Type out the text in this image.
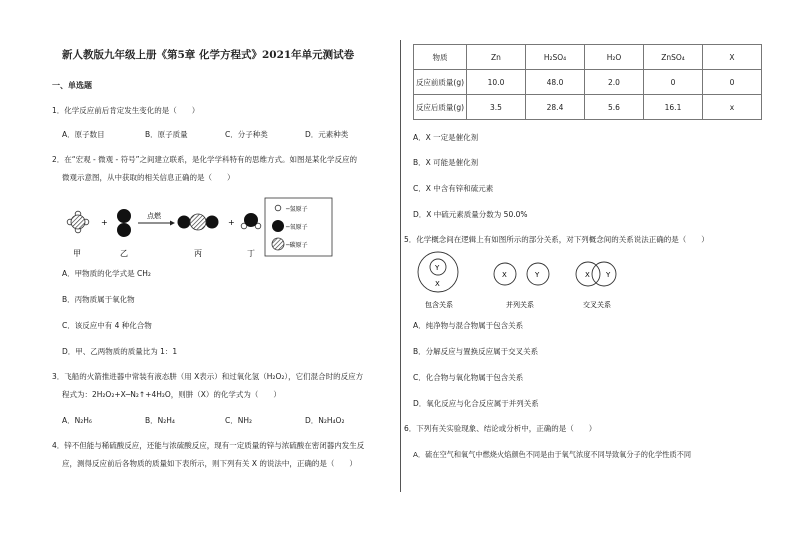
新人教版九年级上册《第5章 化学方程式》2021年单元测试卷
一、单选题
1．化学反应前后肯定发生变化的是（　　）
A．原子数目	B．原子质量	C．分子种类	D．元素种类
2．在“宏观 - 微观 - 符号”之间建立联系，是化学学科特有的思维方式。如图是某化学反应的
微观示意图，从中获取的相关信息正确的是（　　）
+
点燃
+
甲	乙	丙	丁
─氢原子
─氧原子
─碳原子
A．甲物质的化学式是 CH₂
B．丙物质属于氧化物
C．该反应中有 4 种化合物
D．甲、乙两物质的质量比为 1：1
3．飞船的火箭推进器中常装有液态肼（用 X表示）和过氧化氢（H₂O₂），它们混合时的反应方
程式为：2H₂O₂+X─N₂↑+4H₂O，则肼（X）的化学式为（　　）
A．N₂H₆	B．N₂H₄	C．NH₂	D．N₂H₄O₂
4．锌不但能与稀硫酸反应，还能与浓硫酸反应，现有一定质量的锌与浓硫酸在密闭器内发生反
应，测得反应前后各物质的质量如下表所示，则下列有关 X 的说法中，正确的是（　　）
物质	Zn	H₂SO₄	H₂O	ZnSO₄	X
反应前质量(g)	10.0	48.0	2.0	0	0
反应后质量(g)	3.5	28.4	5.6	16.1	x
A．X 一定是催化剂
B．X 可能是催化剂
C．X 中含有锌和硫元素
D．X 中硫元素质量分数为 50.0%
5．化学概念间在逻辑上有如图所示的部分关系，对下列概念间的关系说法正确的是（　　）
Y
X
包含关系
X	Y
并列关系
X Y
交叉关系
A．纯净物与混合物属于包含关系
B．分解反应与置换反应属于交叉关系
C．化合物与氧化物属于包含关系
D．氧化反应与化合反应属于并列关系
6．下列有关实验现象、结论或分析中，正确的是（　　）
A．硫在空气和氧气中燃烧火焰颜色不同是由于氧气浓度不同导致氧分子的化学性质不同
